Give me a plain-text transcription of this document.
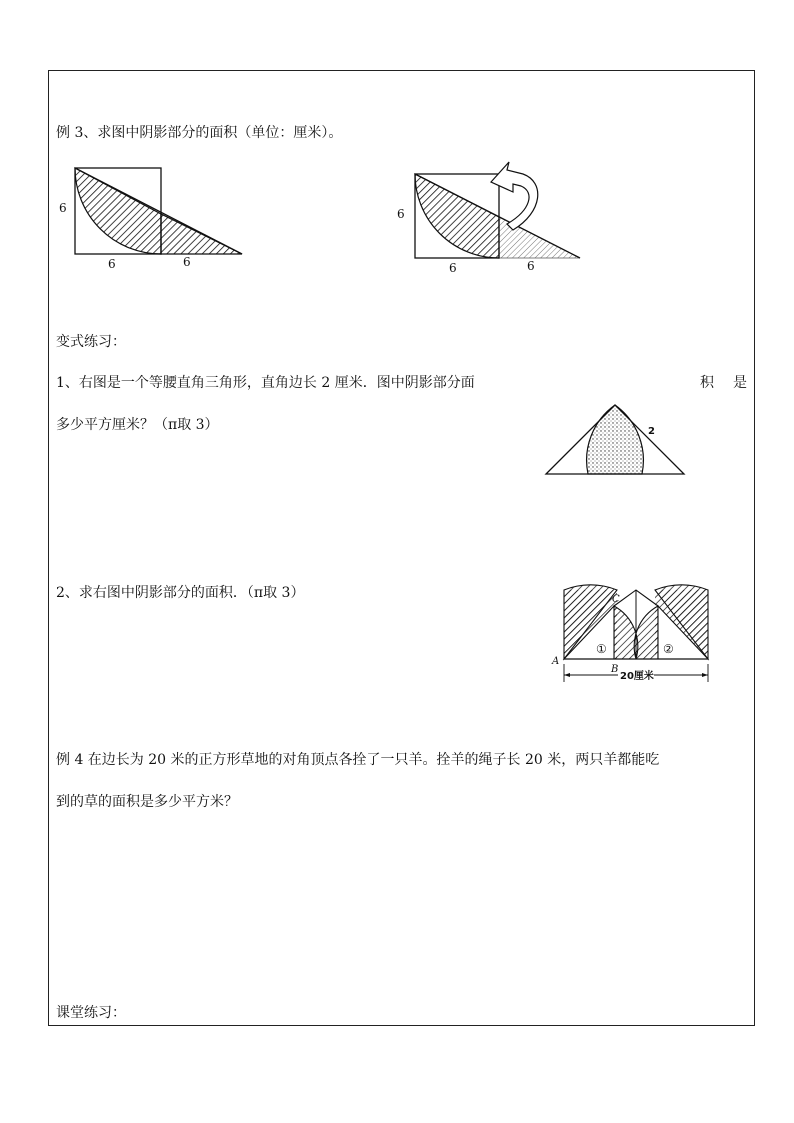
例 3、求图中阴影部分的面积（单位：厘米）。
6
6	6
6
6	6
变式练习：
1、右图是一个等腰直角三角形，直角边长 2 厘米．图中阴影部分面	积 是
多少平方厘米？（π取 3）	2
2、求右图中阴影部分的面积．（π取 3）
20厘米
C
A
B
①	②
例 4 在边长为 20 米的正方形草地的对角顶点各拴了一只羊。拴羊的绳子长 20 米，两只羊都能吃
到的草的面积是多少平方米？
课堂练习：
